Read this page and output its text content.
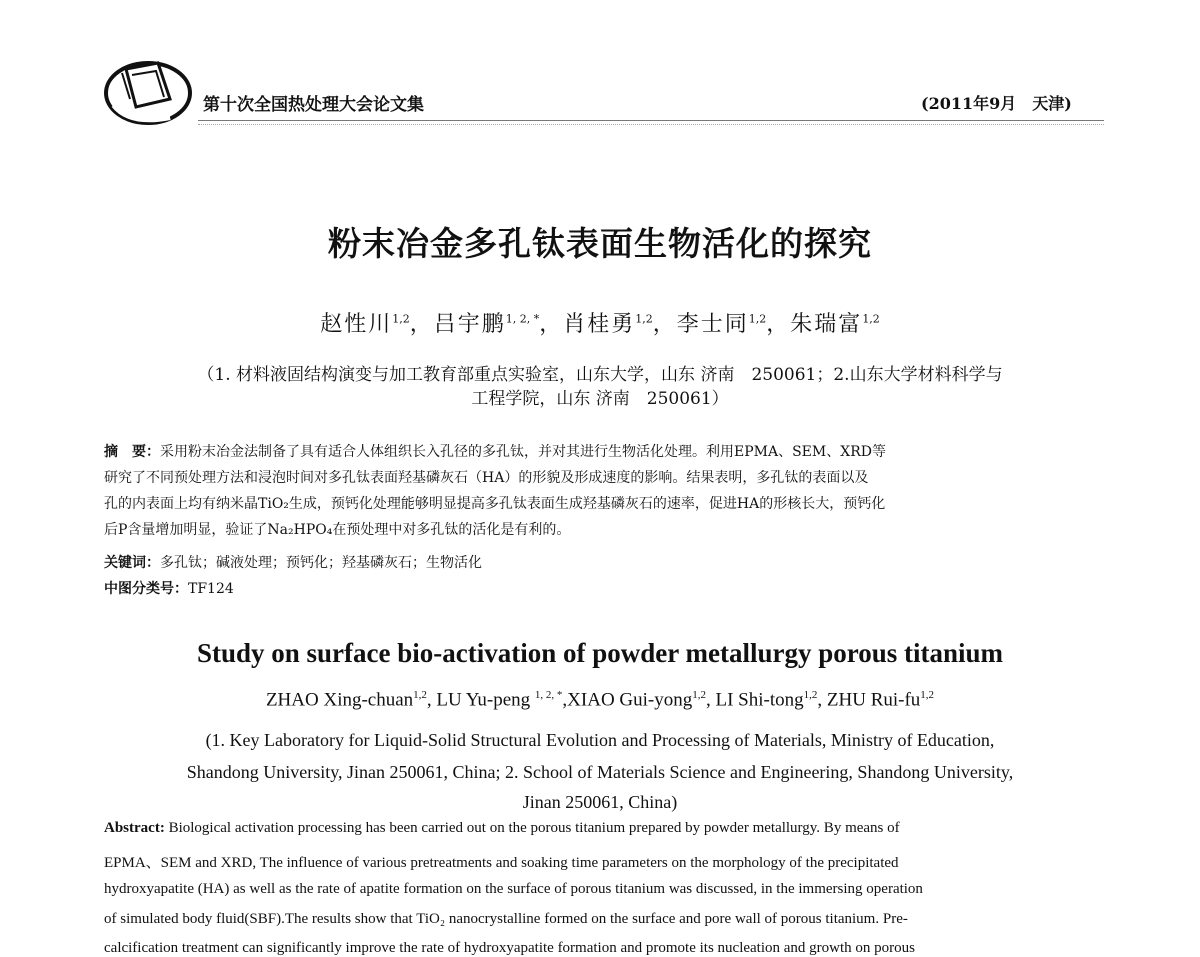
第十次全国热处理大会论文集	(2011年9月　天津)
粉末冶金多孔钛表面生物活化的探究
赵性川$^{1,2}$，吕宇鹏$^{1, 2, *}$，肖桂勇$^{1,2}$，李士同$^{1,2}$，朱瑞富$^{1,2}$
（1. 材料液固结构演变与加工教育部重点实验室，山东大学，山东 济南　250061；2.山东大学材料科学与
工程学院，山东 济南　250061）
摘　要：采用粉末冶金法制备了具有适合人体组织长入孔径的多孔钛，并对其进行生物活化处理。利用EPMA、SEM、XRD等
研究了不同预处理方法和浸泡时间对多孔钛表面羟基磷灰石（HA）的形貌及形成速度的影响。结果表明，多孔钛的表面以及
孔的内表面上均有纳米晶TiO₂生成，预钙化处理能够明显提高多孔钛表面生成羟基磷灰石的速率，促进HA的形核长大，预钙化
后P含量增加明显，验证了Na₂HPO₄在预处理中对多孔钛的活化是有利的。
关键词：多孔钛；碱液处理；预钙化；羟基磷灰石；生物活化
中图分类号：TF124
Study on surface bio-activation of powder metallurgy porous titanium
ZHAO Xing-chuan$^{1,2}$, LU Yu-peng $^{1, 2, *}$,XIAO Gui-yong$^{1,2}$, LI Shi-tong$^{1,2}$, ZHU Rui-fu$^{1,2}$
(1. Key Laboratory for Liquid-Solid Structural Evolution and Processing of Materials, Ministry of Education,
Shandong University, Jinan 250061, China; 2. School of Materials Science and Engineering, Shandong University,
Jinan 250061, China)
Abstract: Biological activation processing has been carried out on the porous titanium prepared by powder metallurgy. By means of
EPMA、SEM and XRD, The influence of various pretreatments and soaking time parameters on the morphology of the precipitated
hydroxyapatite (HA) as well as the rate of apatite formation on the surface of porous titanium was discussed, in the immersing operation
of simulated body fluid(SBF).The results show that TiO₂ nanocrystalline formed on the surface and pore wall of porous titanium. Pre-
calcification treatment can significantly improve the rate of hydroxyapatite formation and promote its nucleation and growth on porous
